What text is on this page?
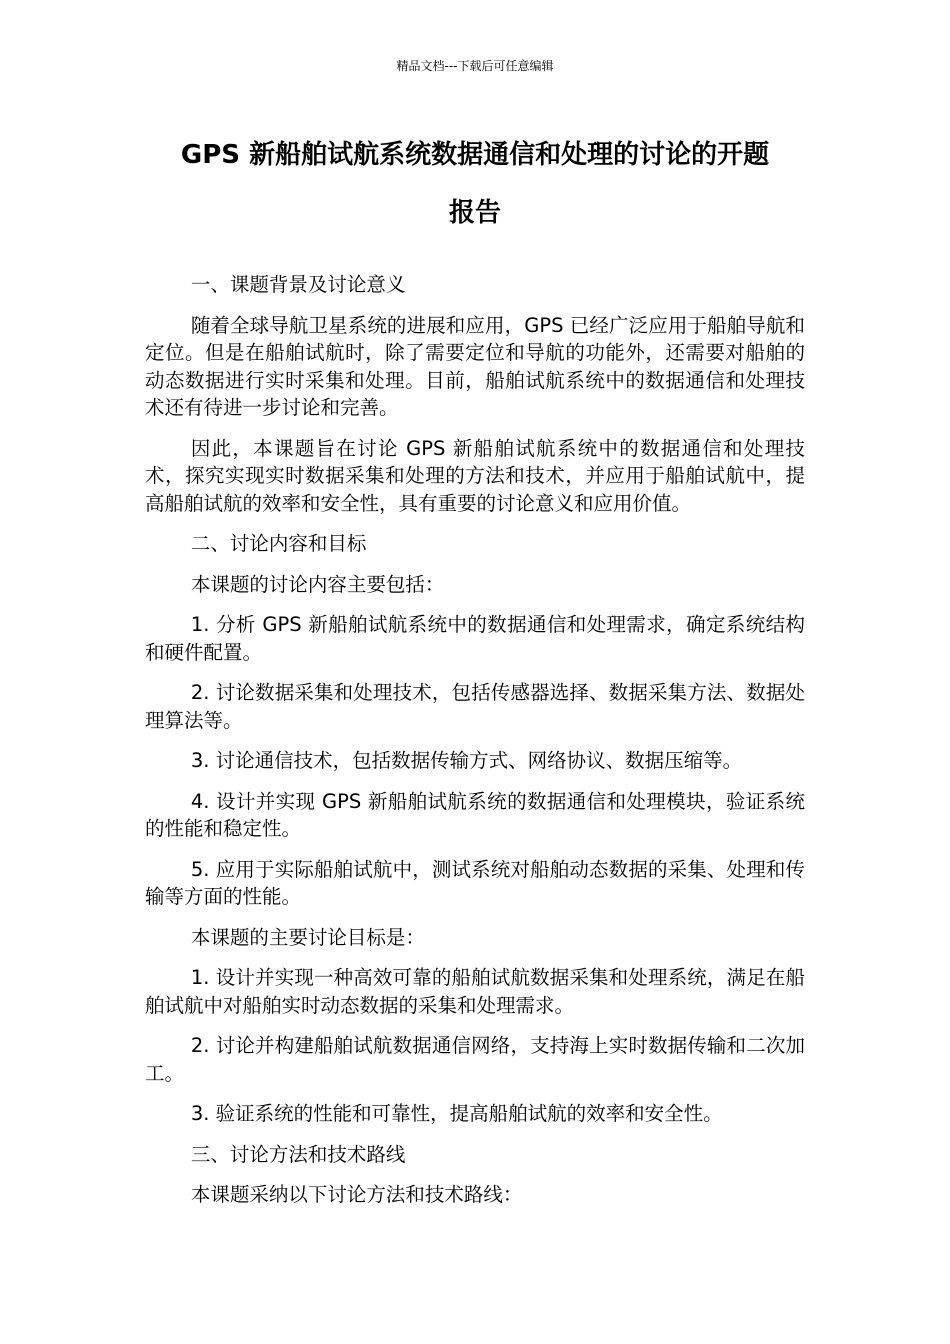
精品文档---下载后可任意编辑
GPS 新船舶试航系统数据通信和处理的讨论的开题
报告

一、课题背景及讨论意义

随着全球导航卫星系统的进展和应用，GPS 已经广泛应用于船舶导航和定位。但是在船舶试航时，除了需要定位和导航的功能外，还需要对船舶的动态数据进行实时采集和处理。目前，船舶试航系统中的数据通信和处理技术还有待进一步讨论和完善。

因此，本课题旨在讨论 GPS 新船舶试航系统中的数据通信和处理技术，探究实现实时数据采集和处理的方法和技术，并应用于船舶试航中，提高船舶试航的效率和安全性，具有重要的讨论意义和应用价值。

二、讨论内容和目标

本课题的讨论内容主要包括：

1. 分析 GPS 新船舶试航系统中的数据通信和处理需求，确定系统结构和硬件配置。

2. 讨论数据采集和处理技术，包括传感器选择、数据采集方法、数据处理算法等。

3. 讨论通信技术，包括数据传输方式、网络协议、数据压缩等。

4. 设计并实现 GPS 新船舶试航系统的数据通信和处理模块，验证系统的性能和稳定性。

5. 应用于实际船舶试航中，测试系统对船舶动态数据的采集、处理和传输等方面的性能。

本课题的主要讨论目标是：

1. 设计并实现一种高效可靠的船舶试航数据采集和处理系统，满足在船舶试航中对船舶实时动态数据的采集和处理需求。

2. 讨论并构建船舶试航数据通信网络，支持海上实时数据传输和二次加工。

3. 验证系统的性能和可靠性，提高船舶试航的效率和安全性。

三、讨论方法和技术路线

本课题采纳以下讨论方法和技术路线：
